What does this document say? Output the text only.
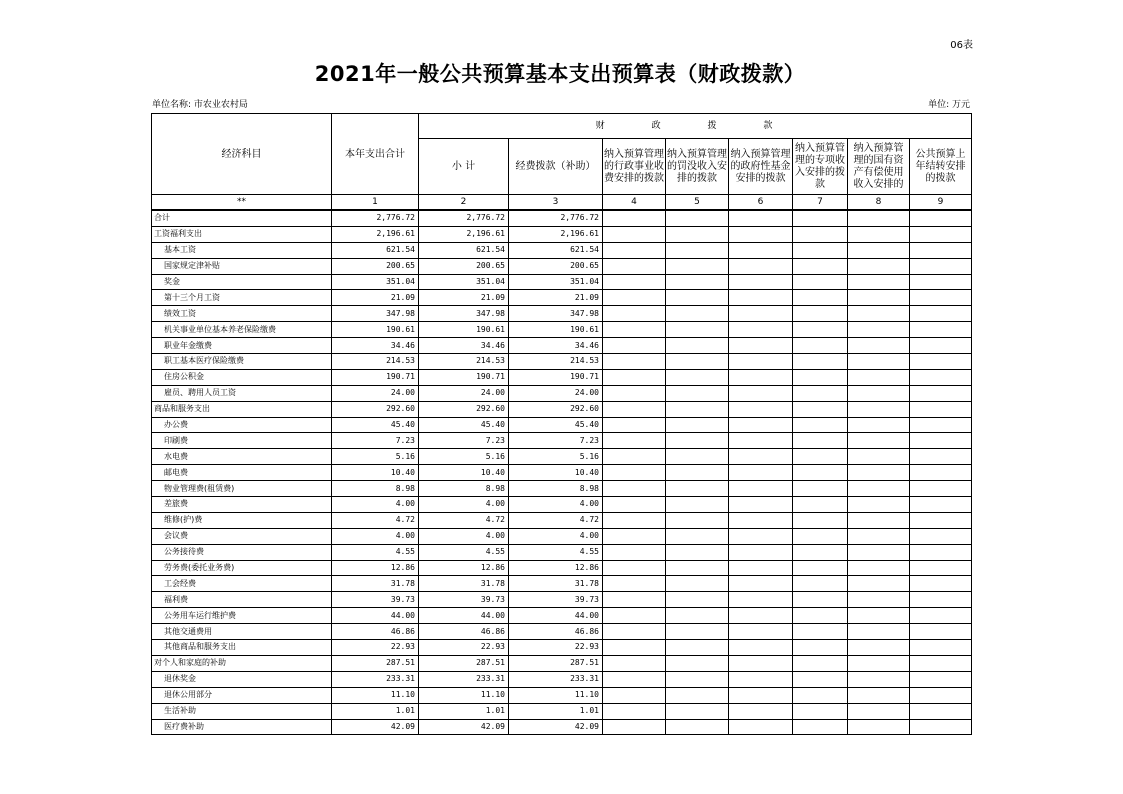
06表
2021年一般公共预算基本支出预算表（财政拨款）
单位名称: 市农业农村局	单位: 万元
经济科目	本年支出合计	财 政 拨 款							
		小 计	经费拨款（补助）	纳入预算管理的行政事业收费安排的拨款	纳入预算管理的罚没收入安排的拨款	纳入预算管理的政府性基金安排的拨款	纳入预算管理的专项收入安排的拨款	纳入预算管理的国有资产有偿使用收入安排的	公共预算上年结转安排的拨款
**	1	2	3	4	5	6	7	8	9
合计	2,776.72	2,776.72	2,776.72						
工资福利支出	2,196.61	2,196.61	2,196.61						
基本工资	621.54	621.54	621.54						
国家规定津补贴	200.65	200.65	200.65						
奖金	351.04	351.04	351.04						
第十三个月工资	21.09	21.09	21.09						
绩效工资	347.98	347.98	347.98						
机关事业单位基本养老保险缴费	190.61	190.61	190.61						
职业年金缴费	34.46	34.46	34.46						
职工基本医疗保险缴费	214.53	214.53	214.53						
住房公积金	190.71	190.71	190.71						
雇员、聘用人员工资	24.00	24.00	24.00						
商品和服务支出	292.60	292.60	292.60						
办公费	45.40	45.40	45.40						
印刷费	7.23	7.23	7.23						
水电费	5.16	5.16	5.16						
邮电费	10.40	10.40	10.40						
物业管理费(租赁费)	8.98	8.98	8.98						
差旅费	4.00	4.00	4.00						
维修(护)费	4.72	4.72	4.72						
会议费	4.00	4.00	4.00						
公务接待费	4.55	4.55	4.55						
劳务费(委托业务费)	12.86	12.86	12.86						
工会经费	31.78	31.78	31.78						
福利费	39.73	39.73	39.73						
公务用车运行维护费	44.00	44.00	44.00						
其他交通费用	46.86	46.86	46.86						
其他商品和服务支出	22.93	22.93	22.93						
对个人和家庭的补助	287.51	287.51	287.51						
退休奖金	233.31	233.31	233.31						
退休公用部分	11.10	11.10	11.10						
生活补助	1.01	1.01	1.01						
医疗费补助	42.09	42.09	42.09						
